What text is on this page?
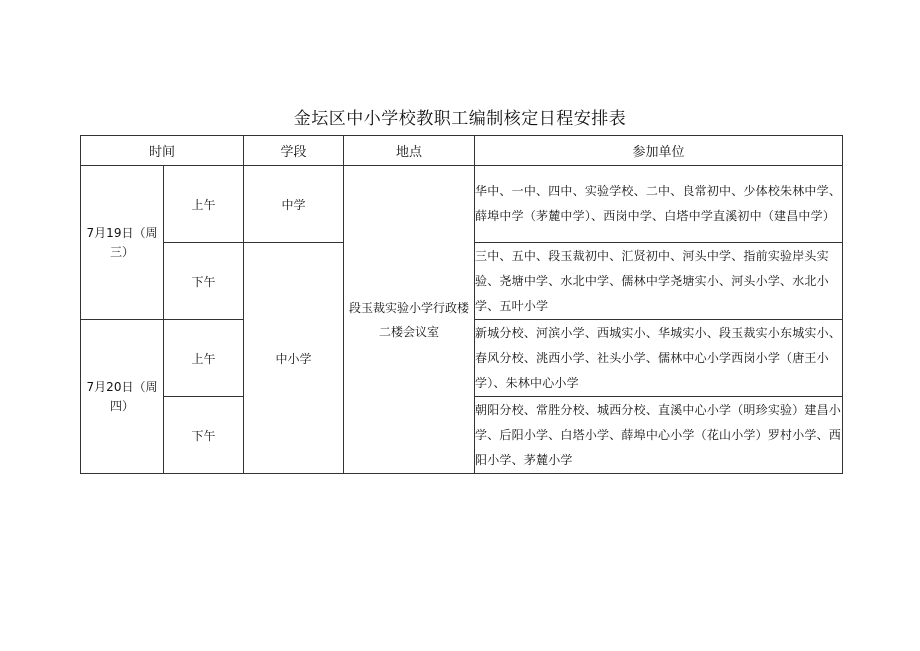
金坛区中小学校教职工编制核定日程安排表
时间		学段	地点	参加单位
7月19日（周三）	上午	中学	段玉裁实验小学行政楼二楼会议室	华中、一中、四中、实验学校、二中、良常初中、少体校朱林中学、薛埠中学（茅麓中学）、西岗中学、白塔中学直溪初中（建昌中学）

	下午	中小学		三中、五中、段玉裁初中、汇贤初中、河头中学、指前实验岸头实验、尧塘中学、水北中学、儒林中学尧塘实小、河头小学、水北小学、五叶小学

7月20日（周四）	上午			新城分校、河滨小学、西城实小、华城实小、段玉裁实小东城实小、春风分校、洮西小学、社头小学、儒林中心小学西岗小学（唐王小学）、朱林中心小学

	下午			朝阳分校、常胜分校、城西分校、直溪中心小学（明珍实验）建昌小学、后阳小学、白塔小学、薛埠中心小学（花山小学）罗村小学、西阳小学、茅麓小学
